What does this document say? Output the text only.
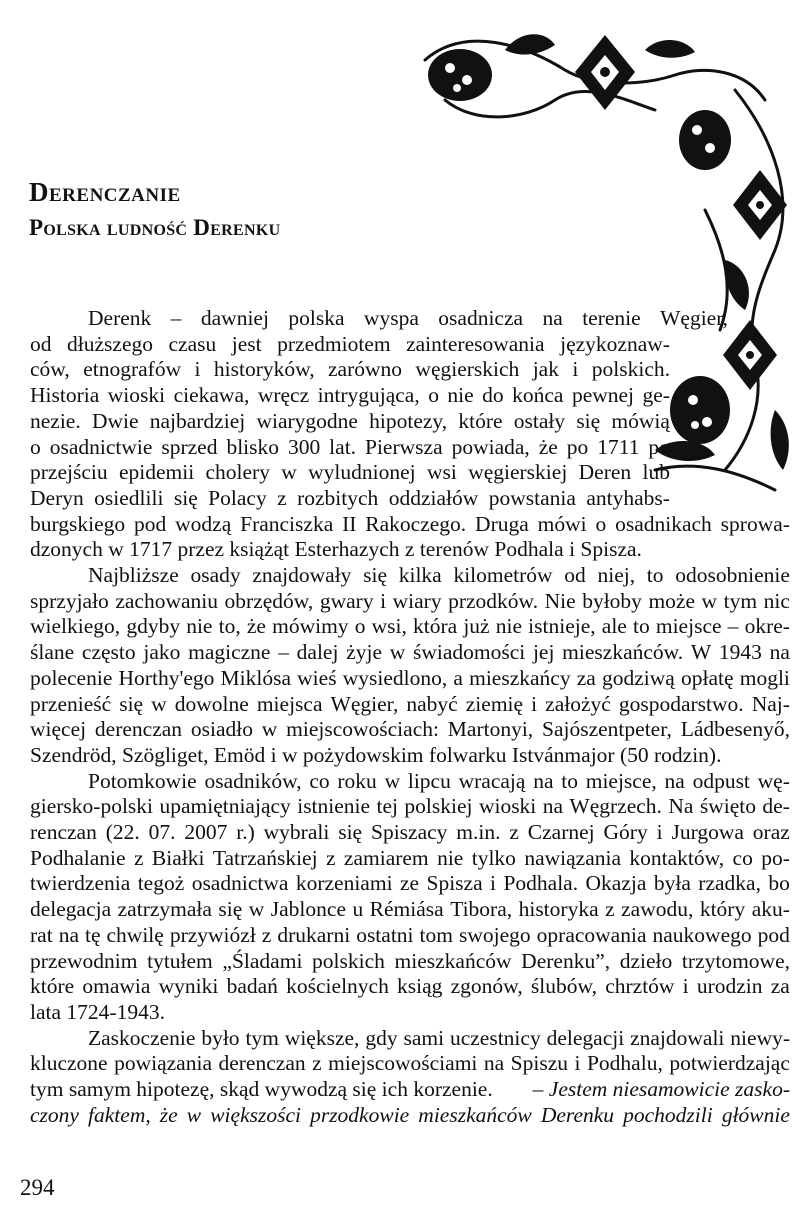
Derenczanie
Polska ludność Derenku
Derenk – dawniej polska wyspa osadnicza na terenie Węgier,
od dłuższego czasu jest przedmiotem zainteresowania językoznaw-
ców, etnografów i historyków, zarówno węgierskich jak i polskich.
Historia wioski ciekawa, wręcz intrygująca, o nie do końca pewnej ge-
nezie. Dwie najbardziej wiarygodne hipotezy, które ostały się mówią
o osadnictwie sprzed blisko 300 lat. Pierwsza powiada, że po 1711 po
przejściu epidemii cholery w wyludnionej wsi węgierskiej Deren lub
Deryn osiedlili się Polacy z rozbitych oddziałów powstania antyhabs-
burgskiego pod wodzą Franciszka II Rakoczego. Druga mówi o osadnikach sprowa-
dzonych w 1717 przez książąt Esterhazych z terenów Podhala i Spisza.
Najbliższe osady znajdowały się kilka kilometrów od niej, to odosobnienie
sprzyjało zachowaniu obrzędów, gwary i wiary przodków. Nie byłoby może w tym nic
wielkiego, gdyby nie to, że mówimy o wsi, która już nie istnieje, ale to miejsce – okre-
ślane często jako magiczne – dalej żyje w świadomości jej mieszkańców. W 1943 na
polecenie Horthy'ego Miklósa wieś wysiedlono, a mieszkańcy za godziwą opłatę mogli
przenieść się w dowolne miejsca Węgier, nabyć ziemię i założyć gospodarstwo. Naj-
więcej derenczan osiadło w miejscowościach: Martonyi, Sajószentpeter, Ládbesenyő,
Szendröd, Szögliget, Emöd i w pożydowskim folwarku Istvánmajor (50 rodzin).
Potomkowie osadników, co roku w lipcu wracają na to miejsce, na odpust wę-
giersko-polski upamiętniający istnienie tej polskiej wioski na Węgrzech. Na święto de-
renczan (22. 07. 2007 r.) wybrali się Spiszacy m.in. z Czarnej Góry i Jurgowa oraz
Podhalanie z Białki Tatrzańskiej z zamiarem nie tylko nawiązania kontaktów, co po-
twierdzenia tegoż osadnictwa korzeniami ze Spisza i Podhala. Okazja była rzadka, bo
delegacja zatrzymała się w Jablonce u Rémiása Tibora, historyka z zawodu, który aku-
rat na tę chwilę przywiózł z drukarni ostatni tom swojego opracowania naukowego pod
przewodnim tytułem „Śladami polskich mieszkańców Derenku”, dzieło trzytomowe,
które omawia wyniki badań kościelnych ksiąg zgonów, ślubów, chrztów i urodzin za
lata 1724-1943.
Zaskoczenie było tym większe, gdy sami uczestnicy delegacji znajdowali niewy-
kluczone powiązania derenczan z miejscowościami na Spiszu i Podhalu, potwierdzając
tym samym hipotezę, skąd wywodzą się ich korzenie. – Jestem niesamowicie zasko-
czony faktem, że w większości przodkowie mieszkańców Derenku pochodzili głównie

294
